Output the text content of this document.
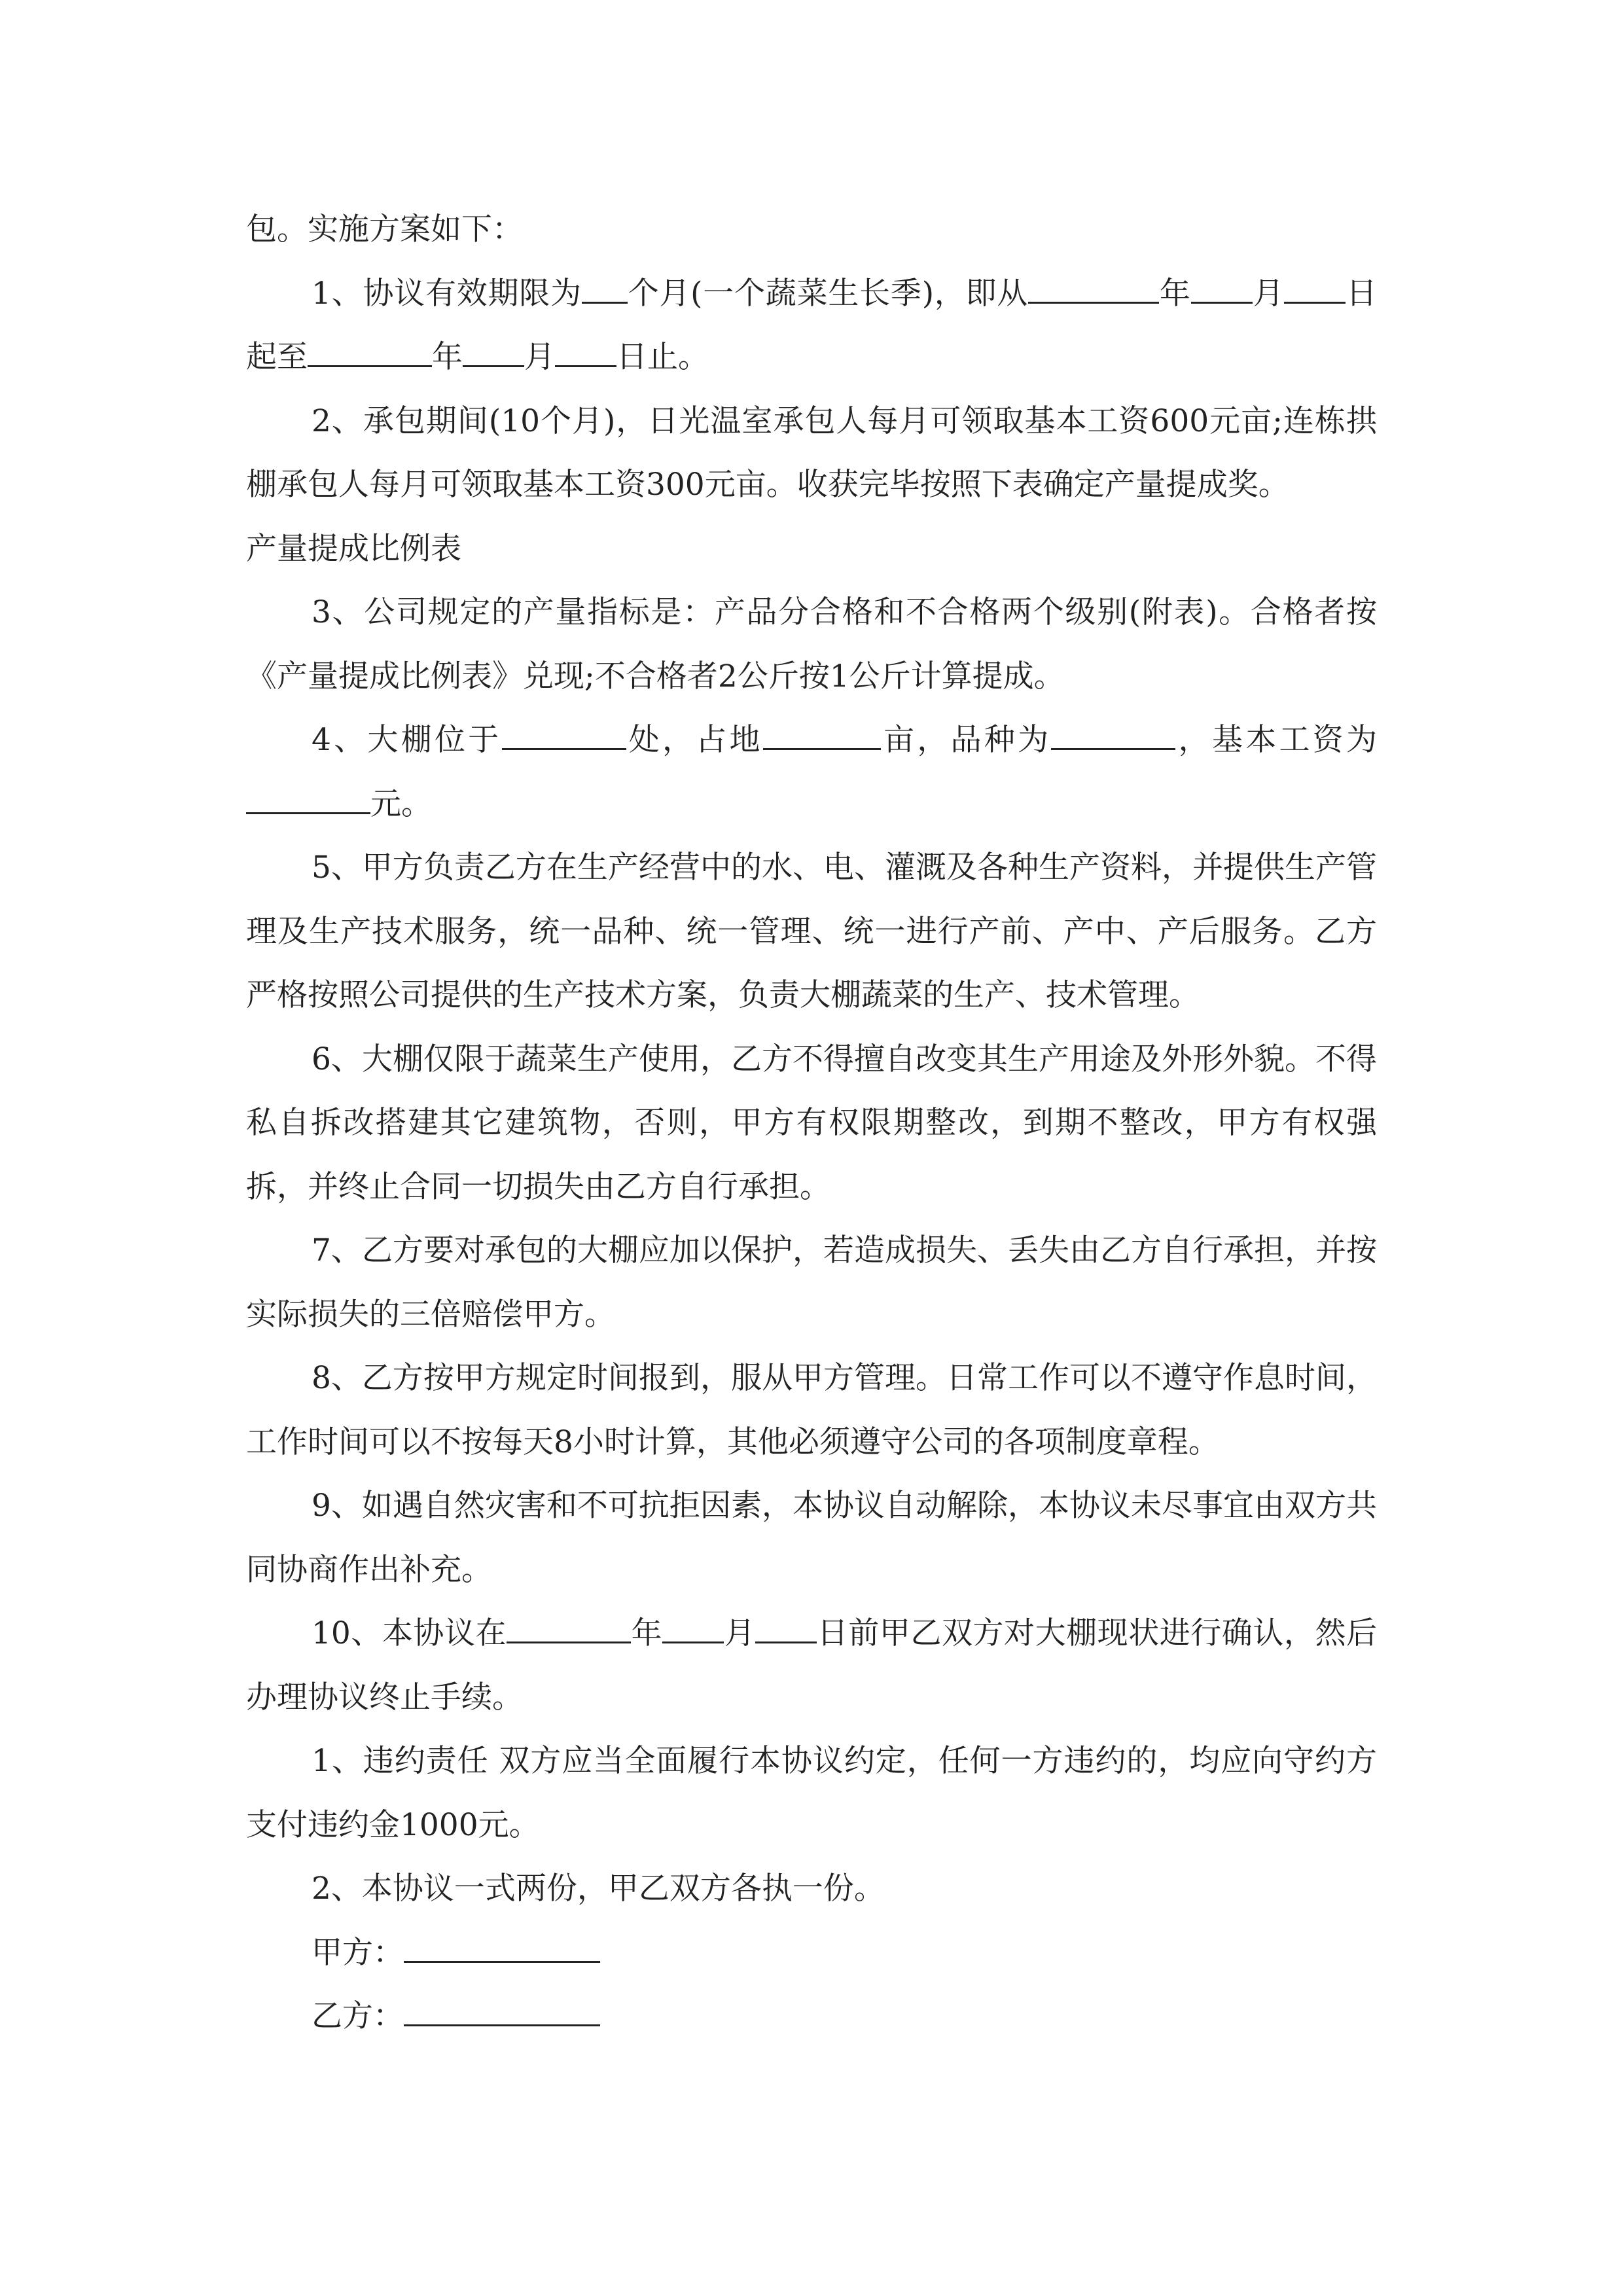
包。实施方案如下：

1、协议有效期限为 个月(一个蔬菜生长季)，即从	年 月 日起至	年 月 日止。

2、承包期间(10个月)，日光温室承包人每月可领取基本工资600元亩;连栋拱棚承包人每月可领取基本工资300元亩。收获完毕按照下表确定产量提成奖。

产量提成比例表

3、公司规定的产量指标是：产品分合格和不合格两个级别(附表)。合格者按《产量提成比例表》兑现;不合格者2公斤按1公斤计算提成。

4、大棚位于	处，占地	亩，品种为	，基本工资为元。

5、甲方负责乙方在生产经营中的水、电、灌溉及各种生产资料，并提供生产管理及生产技术服务，统一品种、统一管理、统一进行产前、产中、产后服务。乙方严格按照公司提供的生产技术方案，负责大棚蔬菜的生产、技术管理。

6、大棚仅限于蔬菜生产使用，乙方不得擅自改变其生产用途及外形外貌。不得私自拆改搭建其它建筑物，否则，甲方有权限期整改，到期不整改，甲方有权强拆，并终止合同一切损失由乙方自行承担。

7、乙方要对承包的大棚应加以保护，若造成损失、丢失由乙方自行承担，并按实际损失的三倍赔偿甲方。

8、乙方按甲方规定时间报到，服从甲方管理。日常工作可以不遵守作息时间，工作时间可以不按每天8小时计算，其他必须遵守公司的各项制度章程。

9、如遇自然灾害和不可抗拒因素，本协议自动解除，本协议未尽事宜由双方共同协商作出补充。

10、本协议在	年 月 日前甲乙双方对大棚现状进行确认，然后办理协议终止手续。

1、违约责任 双方应当全面履行本协议约定，任何一方违约的，均应向守约方支付违约金1000元。

2、本协议一式两份，甲乙双方各执一份。

甲方：

乙方：
